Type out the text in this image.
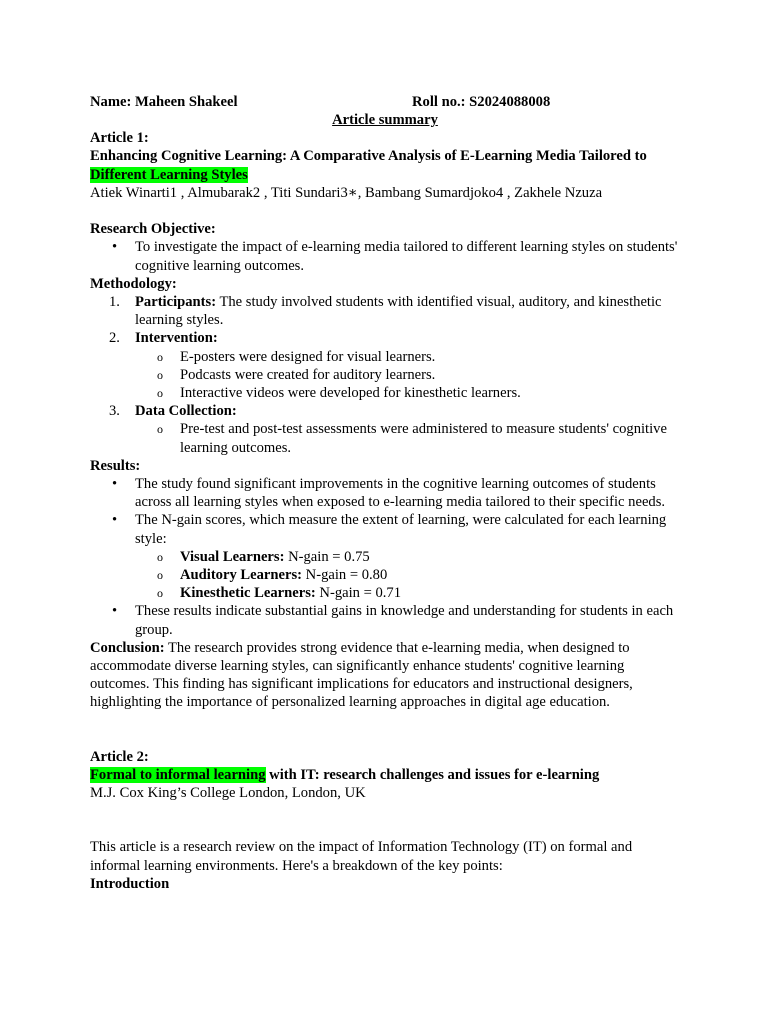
Name: Maheen Shakeel	Roll no.: S2024088008
Article summary
Article 1:
Enhancing Cognitive Learning: A Comparative Analysis of E-Learning Media Tailored to Different Learning Styles
Atiek Winarti1 , Almubarak2 , Titi Sundari3∗, Bambang Sumardjoko4 , Zakhele Nzuza
Research Objective:
• To investigate the impact of e-learning media tailored to different learning styles on students' cognitive learning outcomes.
Methodology:
1. Participants: The study involved students with identified visual, auditory, and kinesthetic learning styles.
2. Intervention:
o E-posters were designed for visual learners.
o Podcasts were created for auditory learners.
o Interactive videos were developed for kinesthetic learners.
3. Data Collection:
o Pre-test and post-test assessments were administered to measure students' cognitive learning outcomes.
Results:
• The study found significant improvements in the cognitive learning outcomes of students across all learning styles when exposed to e-learning media tailored to their specific needs.
• The N-gain scores, which measure the extent of learning, were calculated for each learning style:
o Visual Learners: N-gain = 0.75
o Auditory Learners: N-gain = 0.80
o Kinesthetic Learners: N-gain = 0.71
• These results indicate substantial gains in knowledge and understanding for students in each group.
Conclusion: The research provides strong evidence that e-learning media, when designed to accommodate diverse learning styles, can significantly enhance students' cognitive learning outcomes. This finding has significant implications for educators and instructional designers, highlighting the importance of personalized learning approaches in digital age education.
Article 2:
Formal to informal learning with IT: research challenges and issues for e-learning
M.J. Cox King’s College London, London, UK
This article is a research review on the impact of Information Technology (IT) on formal and informal learning environments. Here's a breakdown of the key points:
Introduction
